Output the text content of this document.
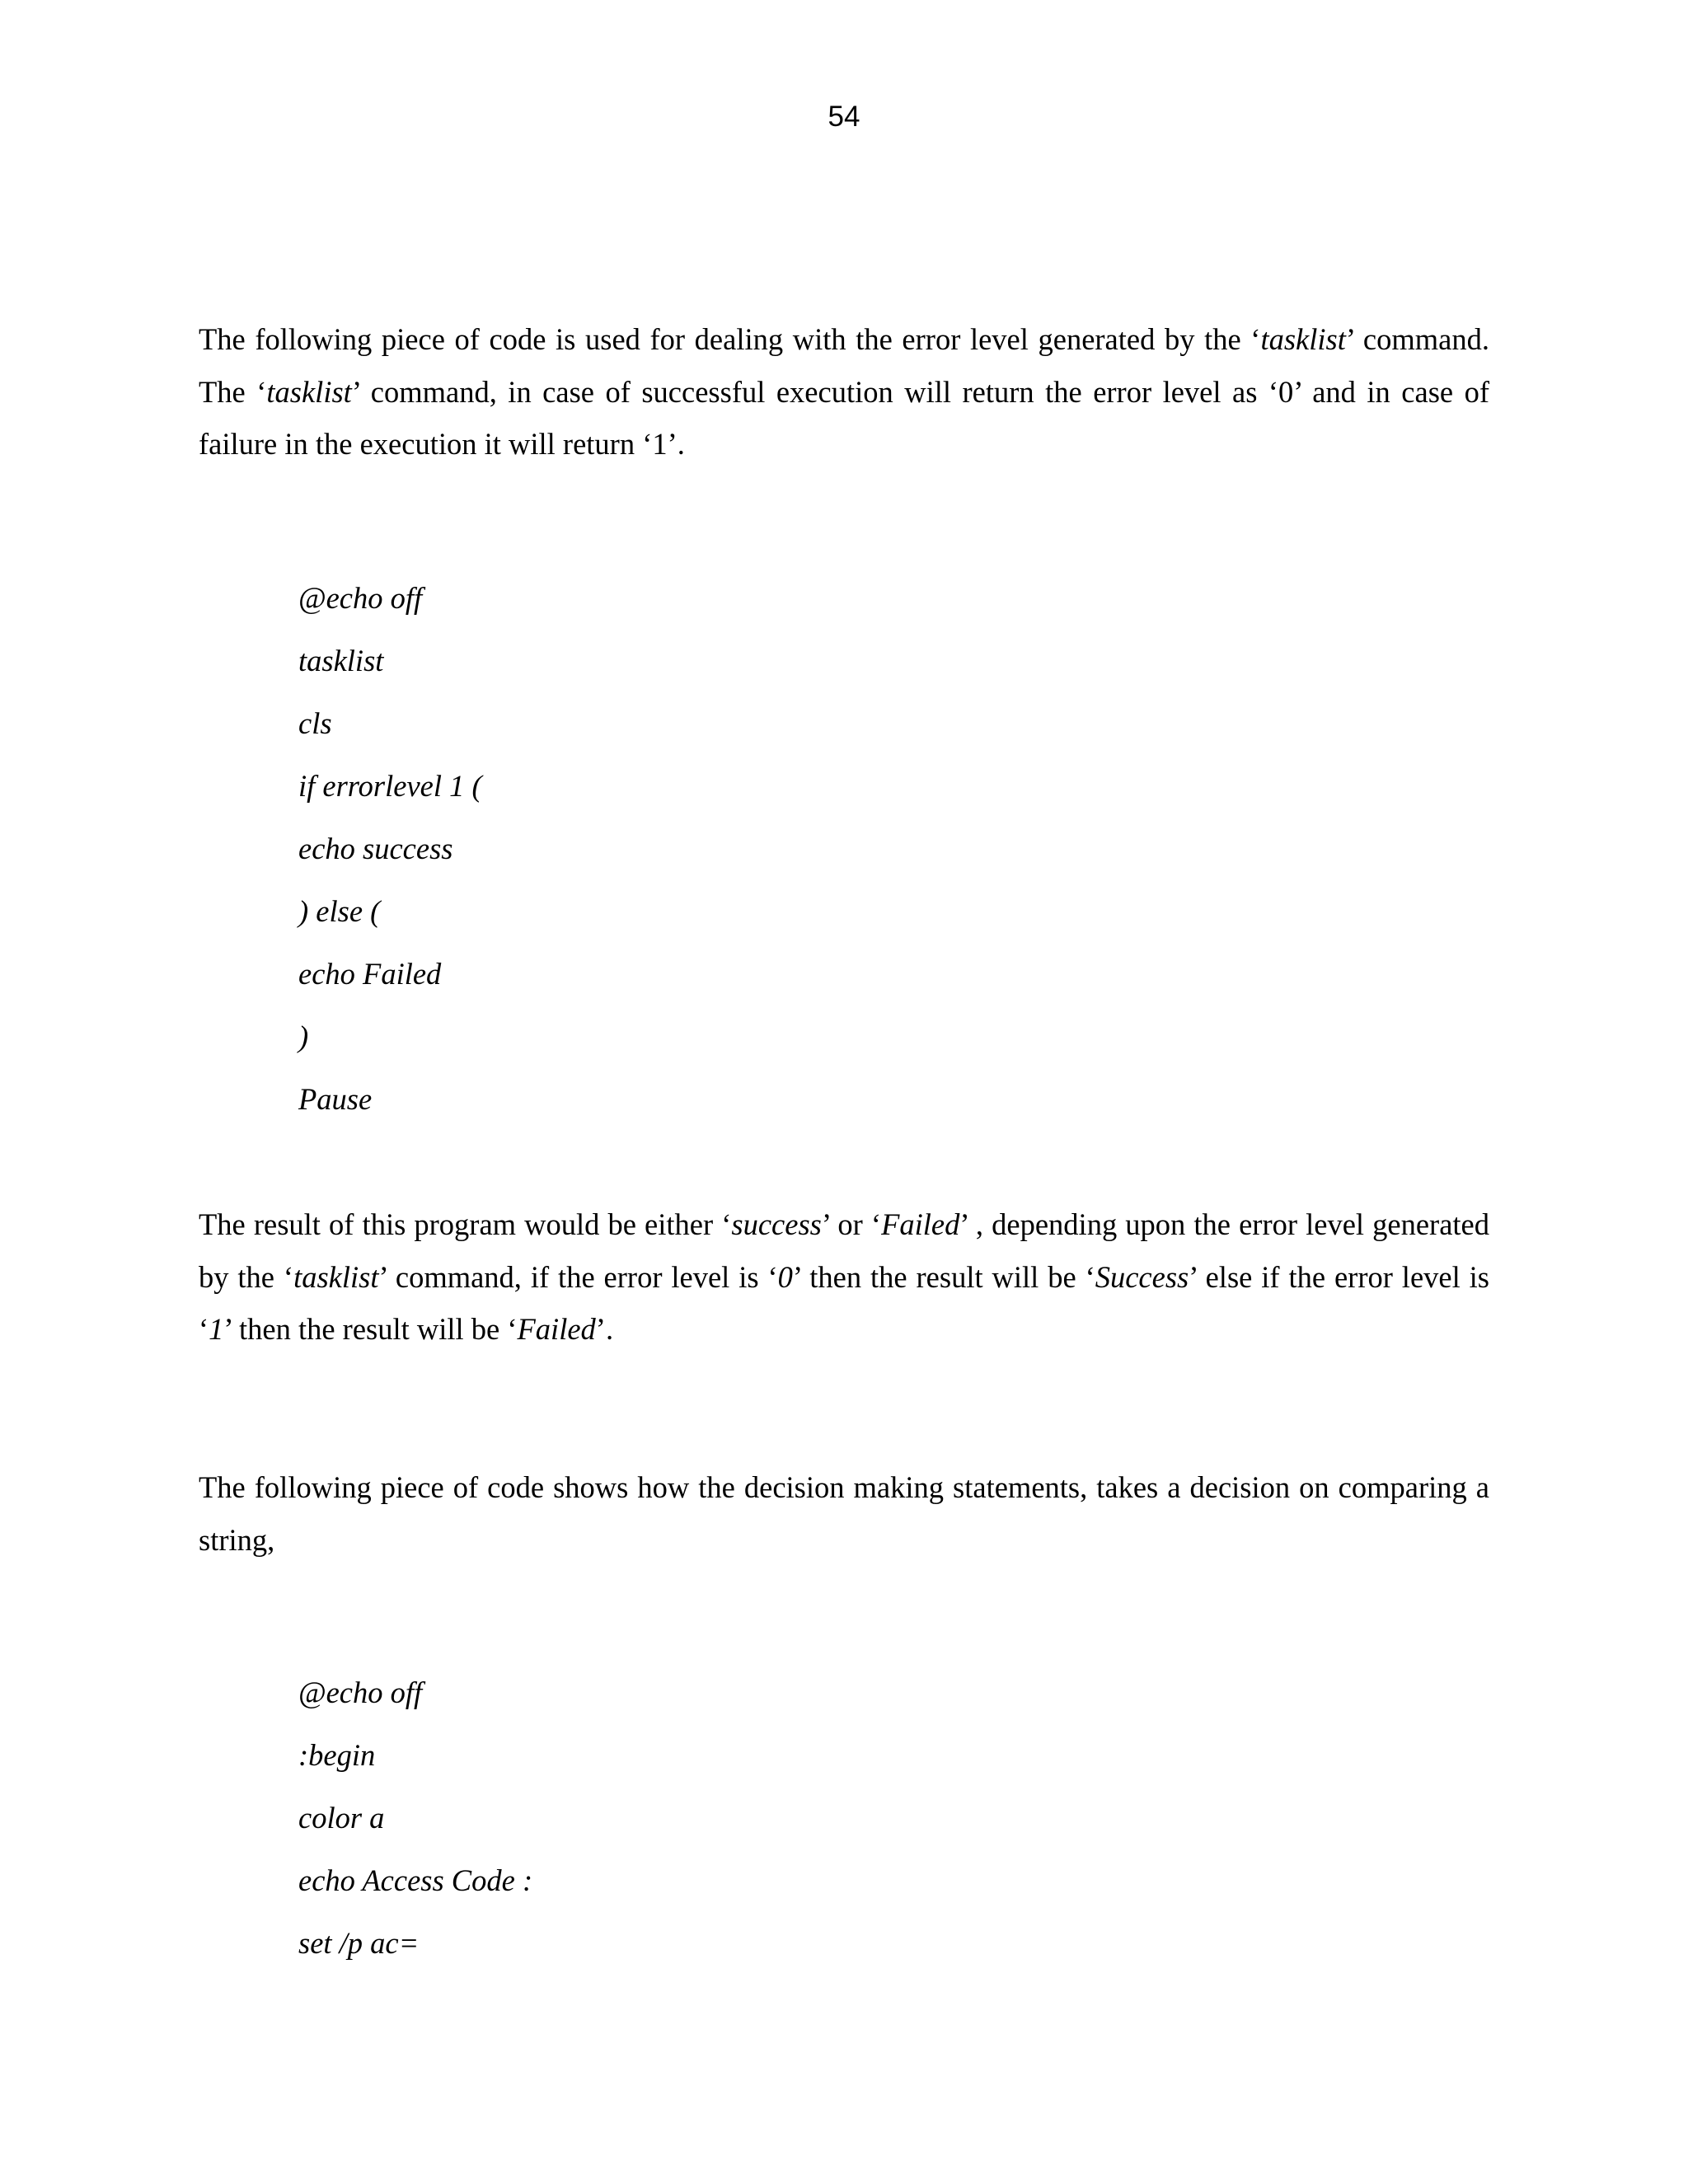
54

The following piece of code is used for dealing with the error level generated by the ‘tasklist’ command. The ‘tasklist’ command, in case of successful execution will return the error level as ‘0’ and in case of failure in the execution it will return ‘1’.

@echo off
tasklist
cls
if errorlevel 1 (
echo success
) else (
echo Failed
)
Pause

The result of this program would be either ‘success’ or ‘Failed’ , depending upon the error level generated by the ‘tasklist’ command, if the error level is ‘0’ then the result will be ‘Success’ else if the error level is ‘1’ then the result will be ‘Failed’.

The following piece of code shows how the decision making statements, takes a decision on comparing a string,

@echo off
:begin
color a
echo Access Code :
set /p ac=
